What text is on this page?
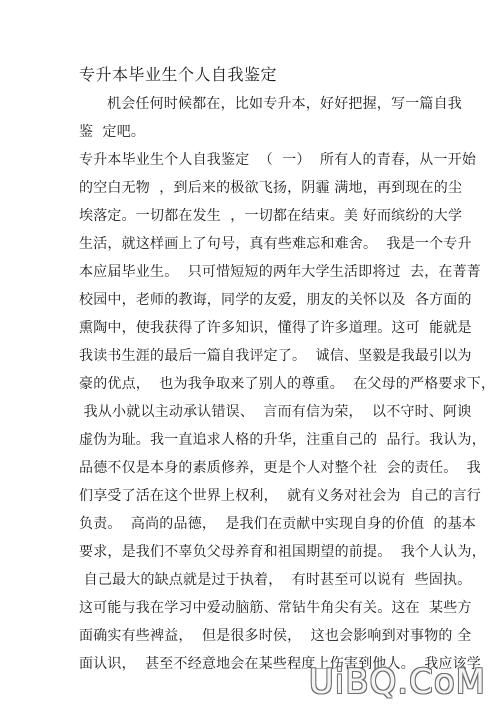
专升本毕业生个人自我鉴定
机会任何时候都在，比如专升本，好好把握，写一篇自我
鉴  定吧。
专升本毕业生个人自我鉴定  （  一）  所有人的青春，从一开始
的空白无物  ，到后来的极欲飞扬，阴霾 满地，再到现在的尘
埃落定。一切都在发生  ，一切都在结束。美 好而缤纷的大学
生活，就这样画上了句号，真有些难忘和难舍。  我是一个专升
本应届毕业生。  只可惜短短的两年大学生活即将过  去，在菁菁
校园中，老师的教诲，同学的友爱，朋友的关怀以及  各方面的
熏陶中，使我获得了许多知识，懂得了许多道理。这可  能就是
我读书生涯的最后一篇自我评定了。  诚信、坚毅是我最引以为
豪的优点，  也为我争取来了别人的尊重。  在父母的严格要求下，
我从小就以主动承认错误、  言而有信为荣，  以不守时、阿谀
虚伪为耻。我一直追求人格的升华，注重自己的  品行。我认为，
品德不仅是本身的素质修养，更是个人对整个社  会的责任。  我
们享受了活在这个世界上权利，  就有义务对社会为  自己的言行
负责。  高尚的品德，  是我们在贡献中实现自身的价值  的基本
要求，是我们不辜负父母养育和祖国期望的前提。  我个人认为，
自己最大的缺点就是过于执着，  有时甚至可以说有  些固执。
这可能与我在学习中爱动脑筋、常钻牛角尖有关。这在  某些方
面确实有些裨益，  但是很多时侯，  这也会影响到对事物的 全
面认识，  甚至不经意地会在某些程度上伤害到他人。  我应该学
UiBQ.CoM
